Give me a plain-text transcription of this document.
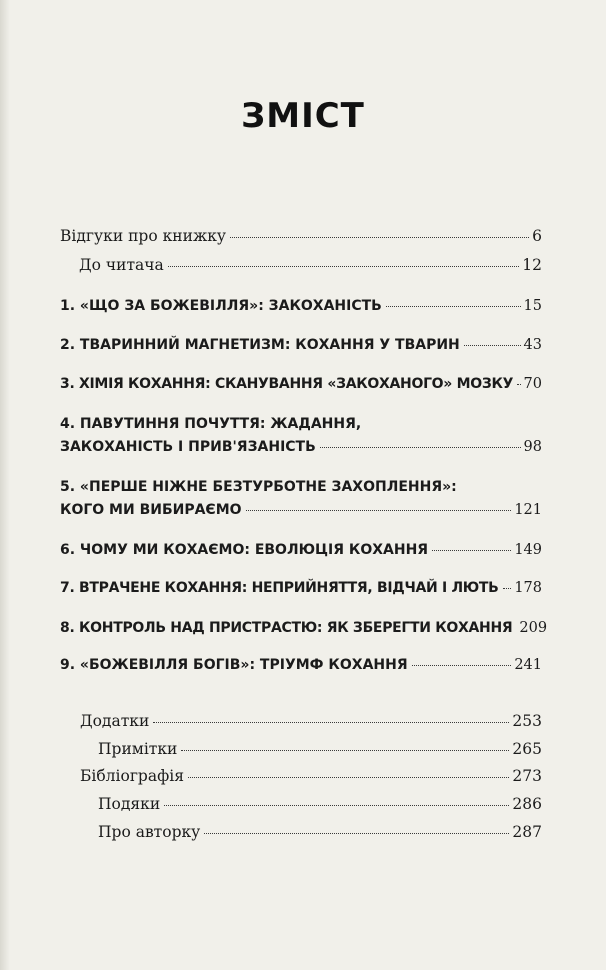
ЗМІСТ
Відгуки про книжку	6
До читача	12
1. «ЩО ЗА БОЖЕВІЛЛЯ»: ЗАКОХАНІСТЬ	15
2. ТВАРИННИЙ МАГНЕТИЗМ: КОХАННЯ У ТВАРИН	43
3. ХІМІЯ КОХАННЯ: СКАНУВАННЯ «ЗАКОХАНОГО» МОЗКУ 70
4. ПАВУТИННЯ ПОЧУТТЯ: ЖАДАННЯ,
ЗАКОХАНІСТЬ І ПРИВ'ЯЗАНІСТЬ	98
5. «ПЕРШЕ НІЖНЕ БЕЗТУРБОТНЕ ЗАХОПЛЕННЯ»:
КОГО МИ ВИБИРАЄМО	121
6. ЧОМУ МИ КОХАЄМО: ЕВОЛЮЦІЯ КОХАННЯ	149
7. ВТРАЧЕНЕ КОХАННЯ: НЕПРИЙНЯТТЯ, ВІДЧАЙ І ЛЮТЬ 178
8. КОНТРОЛЬ НАД ПРИСТРАСТЮ: ЯК ЗБЕРЕГТИ КОХАННЯ 209
9. «БОЖЕВІЛЛЯ БОГІВ»: ТРІУМФ КОХАННЯ	241
Додатки	253
Примітки	265
Бібліографія	273
Подяки	286
Про авторку	287
